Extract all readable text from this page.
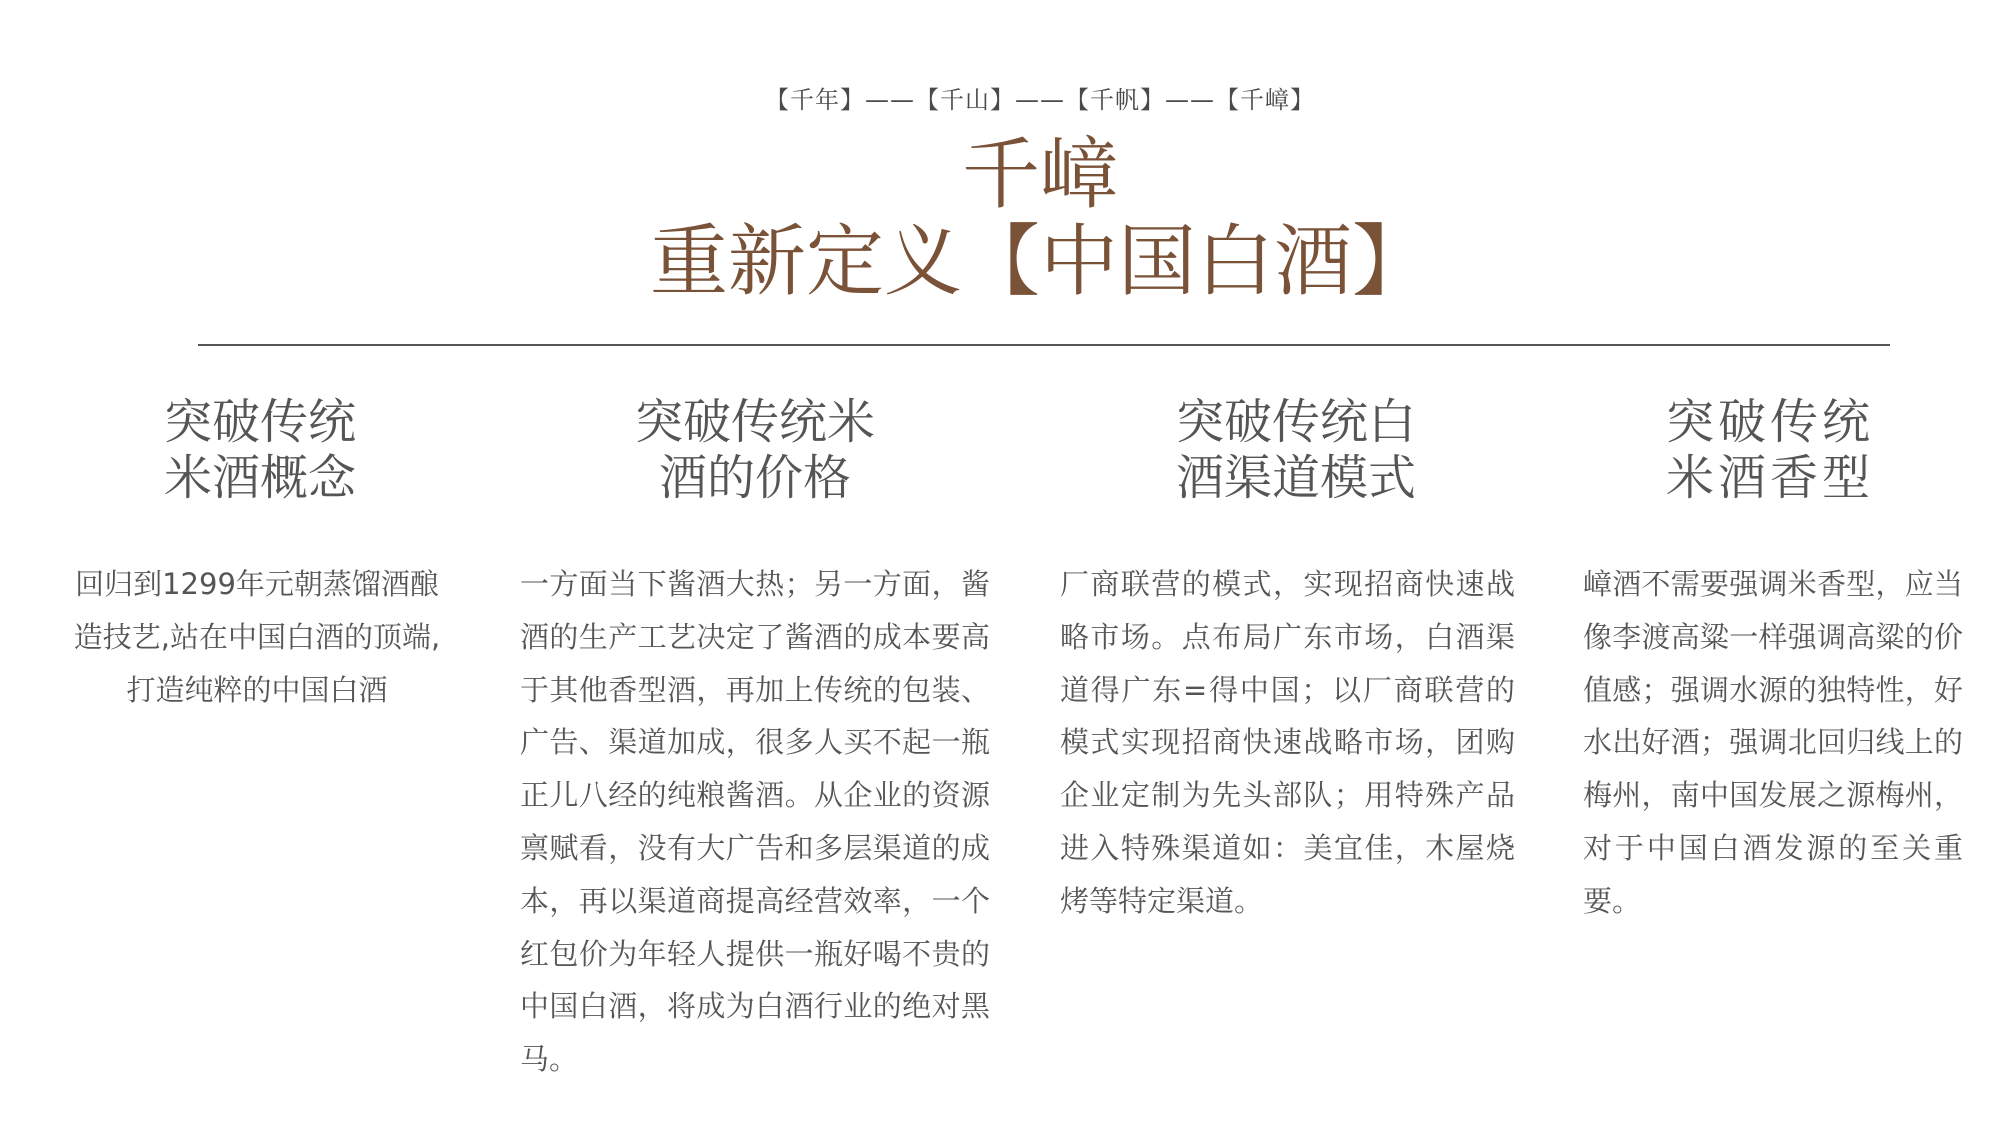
【千年】——【千山】——【千帆】——【千嶂】
千嶂
重新定义【中国白酒】
突破传统
米酒概念
回归到1299年元朝蒸馏酒酿造技艺,站在中国白酒的顶端,打造纯粹的中国白酒
突破传统米
酒的价格
一方面当下酱酒大热；另一方面，酱酒的生产工艺决定了酱酒的成本要高于其他香型酒，再加上传统的包装、广告、渠道加成，很多人买不起一瓶正儿八经的纯粮酱酒。从企业的资源禀赋看，没有大广告和多层渠道的成本，再以渠道商提高经营效率，一个红包价为年轻人提供一瓶好喝不贵的中国白酒，将成为白酒行业的绝对黑马。
突破传统白
酒渠道模式
厂商联营的模式，实现招商快速战略市场。点布局广东市场，白酒渠道得广东=得中国；以厂商联营的模式实现招商快速战略市场，团购企业定制为先头部队；用特殊产品进入特殊渠道如：美宜佳，木屋烧烤等特定渠道。
突破传统
米酒香型
嶂酒不需要强调米香型，应当像李渡高粱一样强调高粱的价值感；强调水源的独特性，好水出好酒；强调北回归线上的梅州，南中国发展之源梅州，对于中国白酒发源的至关重要。
